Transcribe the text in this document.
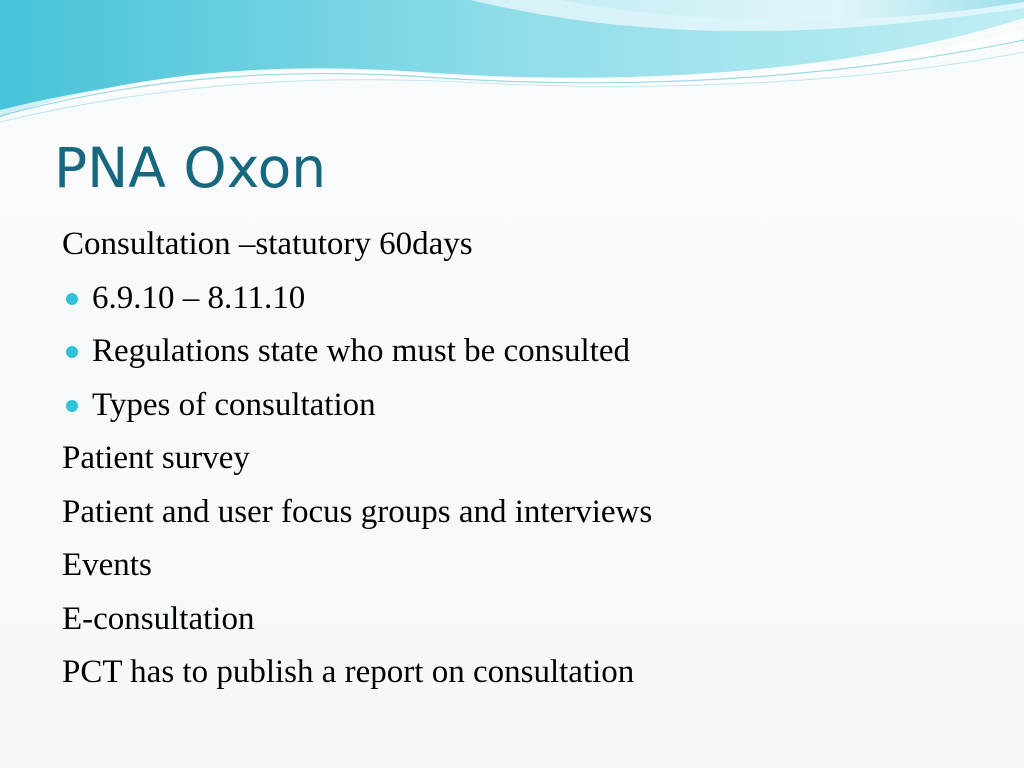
PNA Oxon
Consultation –statutory 60days
6.9.10 – 8.11.10
Regulations state who must be consulted
Types of consultation
Patient survey
Patient and user focus groups and interviews
Events
E-consultation
PCT has to publish a report on consultation
